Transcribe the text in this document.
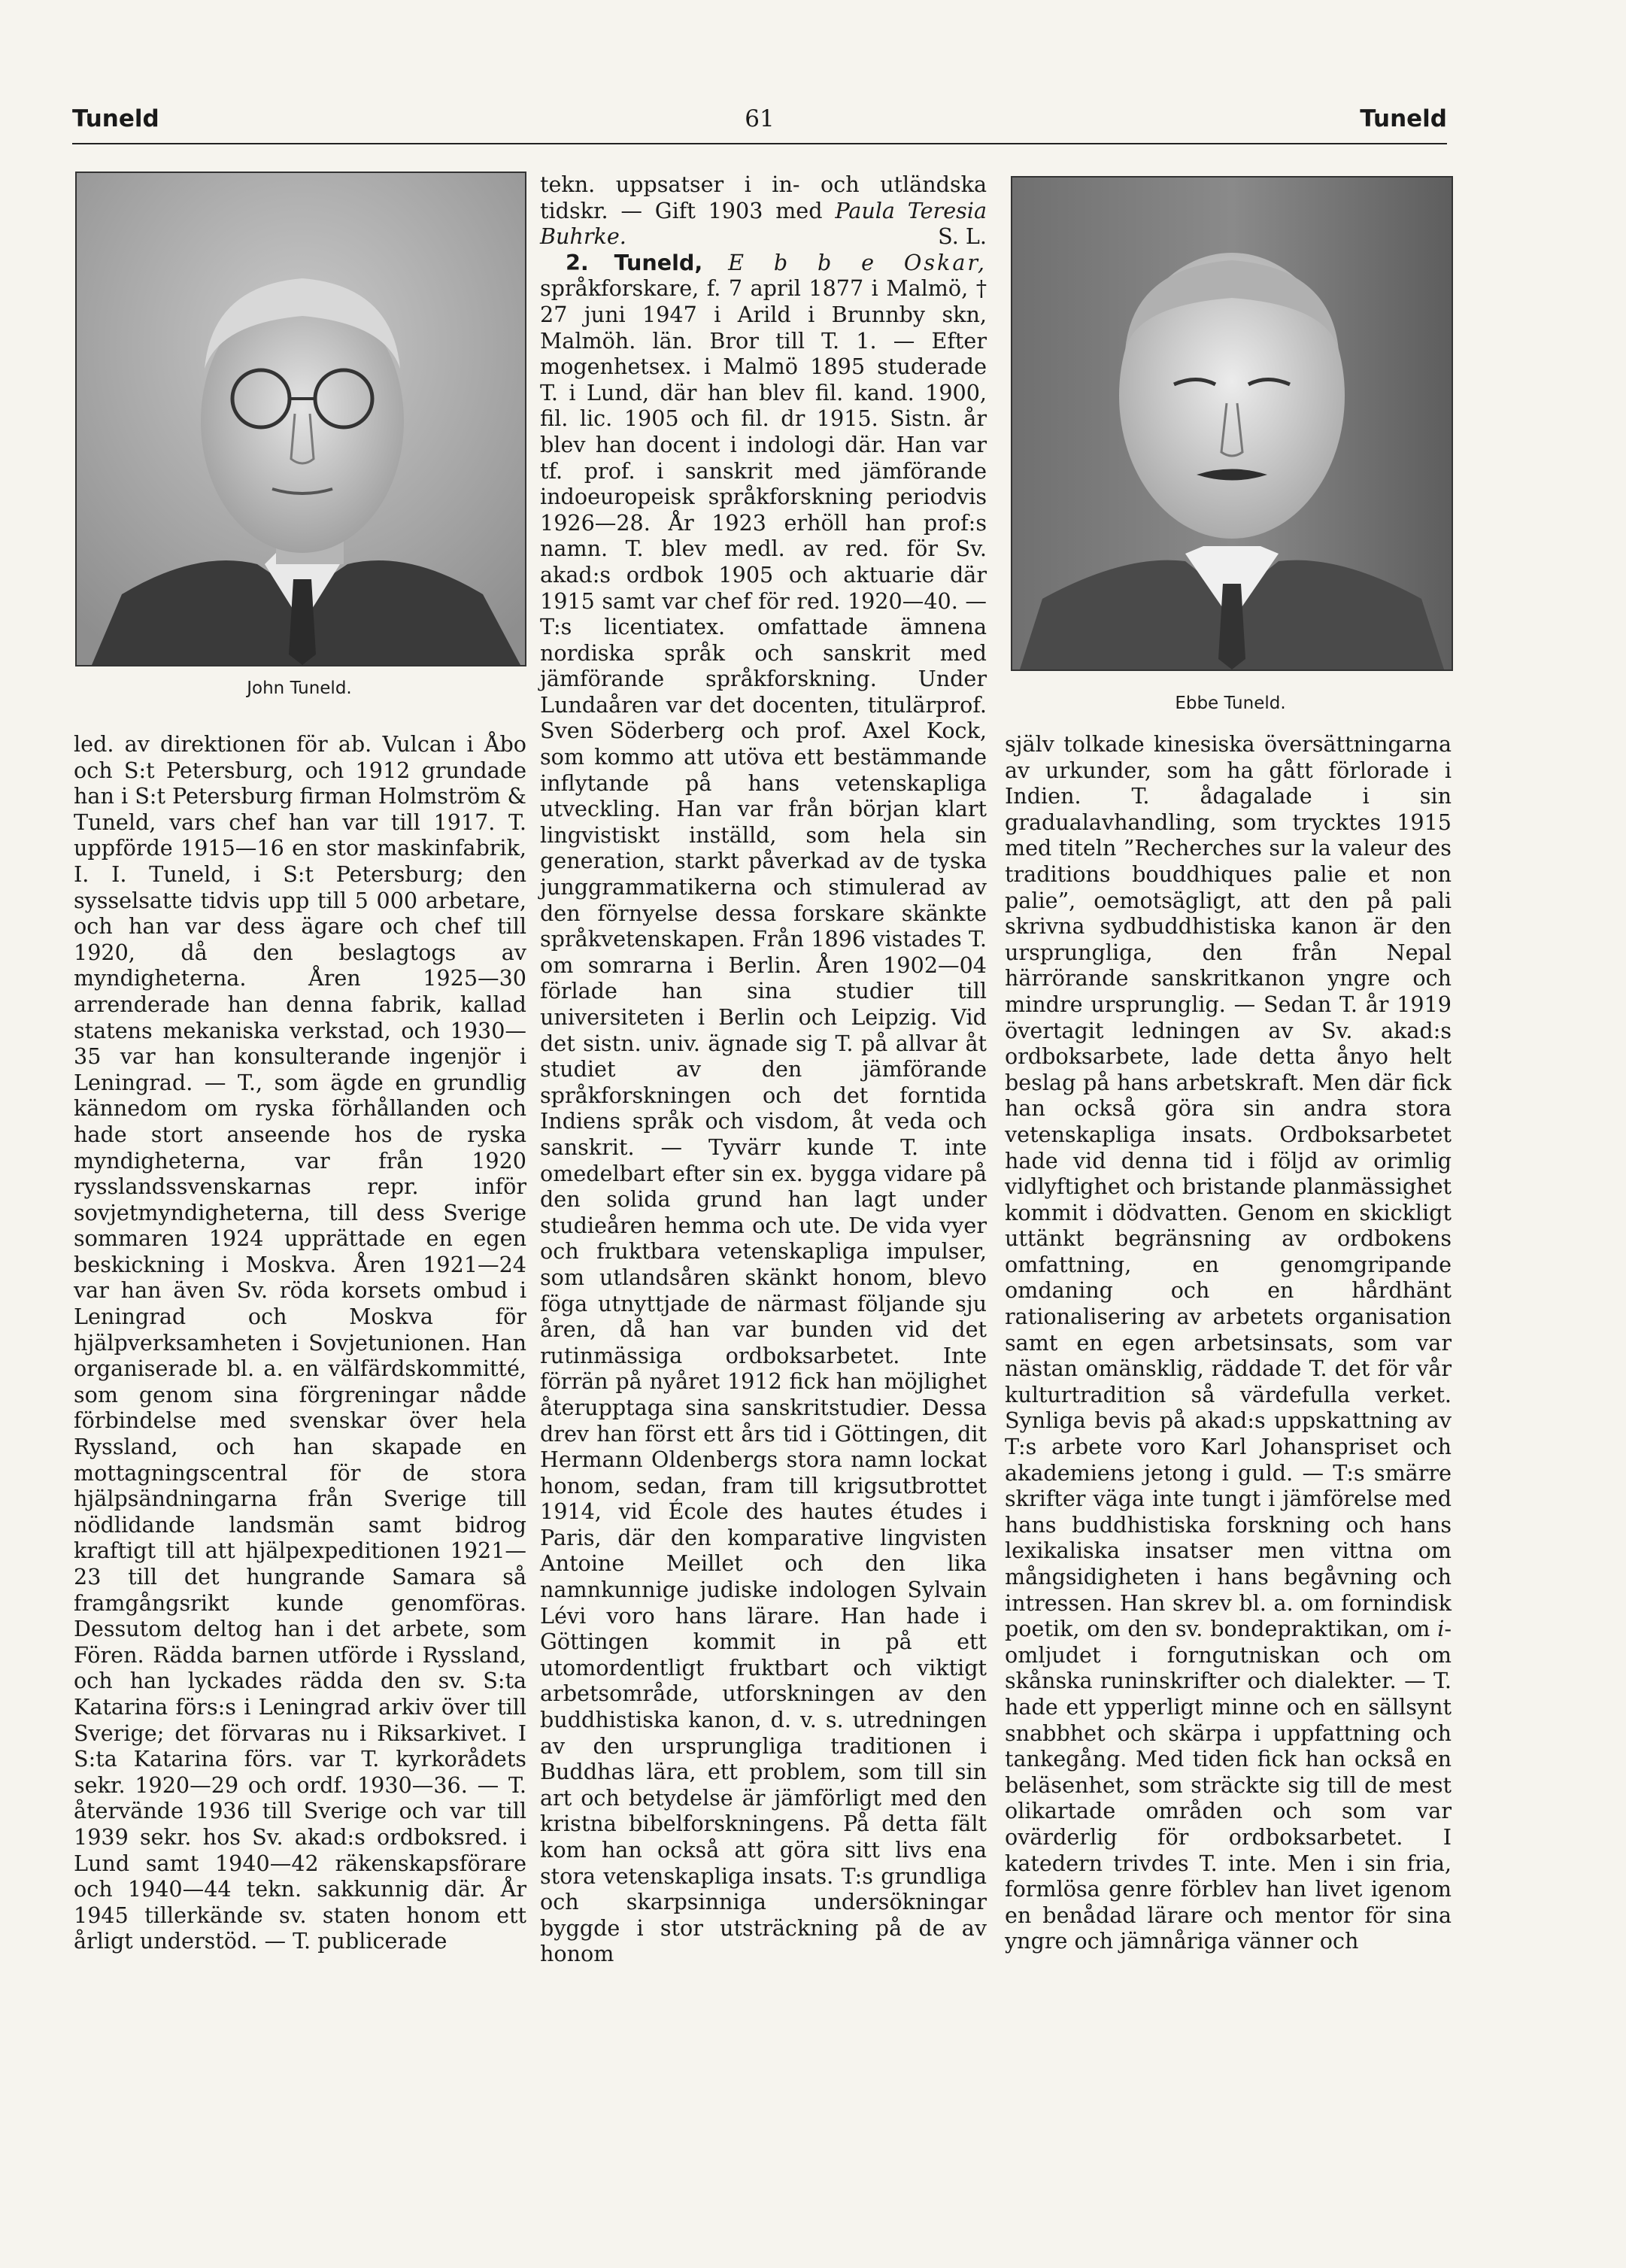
Tuneld	61	Tuneld
John Tuneld.
Ebbe Tuneld.

led. av direktionen för ab. Vulcan i Åbo och S:t Petersburg, och 1912 grundade han i S:t Petersburg firman Holmström & Tuneld, vars chef han var till 1917. T. uppförde 1915—16 en stor maskinfabrik, I. I. Tuneld, i S:t Petersburg; den sysselsatte tidvis upp till 5 000 arbetare, och han var dess ägare och chef till 1920, då den beslagtogs av myndigheterna. Åren 1925—30 arrenderade han denna fabrik, kallad statens mekaniska verkstad, och 1930—35 var han konsulterande ingenjör i Leningrad. — T., som ägde en grundlig kännedom om ryska förhållanden och hade stort anseende hos de ryska myndigheterna, var från 1920 rysslandssvenskarnas repr. inför sovjetmyndigheterna, till dess Sverige sommaren 1924 upprättade en egen beskickning i Moskva. Åren 1921—24 var han även Sv. röda korsets ombud i Leningrad och Moskva för hjälpverksamheten i Sovjetunionen. Han organiserade bl. a. en välfärdskommitté, som genom sina förgreningar nådde förbindelse med svenskar över hela Ryssland, och han skapade en mottagningscentral för de stora hjälpsändningarna från Sverige till nödlidande landsmän samt bidrog kraftigt till att hjälpexpeditionen 1921—23 till det hungrande Samara så framgångsrikt kunde genomföras. Dessutom deltog han i det arbete, som Fören. Rädda barnen utförde i Ryssland, och han lyckades rädda den sv. S:ta Katarina förs:s i Leningrad arkiv över till Sverige; det förvaras nu i Riksarkivet. I S:ta Katarina förs. var T. kyrkorådets sekr. 1920—29 och ordf. 1930—36. — T. återvände 1936 till Sverige och var till 1939 sekr. hos Sv. akad:s ordboksred. i Lund samt 1940—42 räkenskapsförare och 1940—44 tekn. sakkunnig där. År 1945 tillerkände sv. staten honom ett årligt understöd. — T. publicerade

tekn. uppsatser i in- och utländska tidskr. — Gift 1903 med Paula Teresia Buhrke.	S. L.

2. Tuneld, E b b e Oskar, språkforskare, f. 7 april 1877 i Malmö, † 27 juni 1947 i Arild i Brunnby skn, Malmöh. län. Bror till T. 1. — Efter mogenhetsex. i Malmö 1895 studerade T. i Lund, där han blev fil. kand. 1900, fil. lic. 1905 och fil. dr 1915. Sistn. år blev han docent i indologi där. Han var tf. prof. i sanskrit med jämförande indoeuropeisk språkforskning periodvis 1926—28. År 1923 erhöll han prof:s namn. T. blev medl. av red. för Sv. akad:s ordbok 1905 och aktuarie där 1915 samt var chef för red. 1920—40. — T:s licentiatex. omfattade ämnena nordiska språk och sanskrit med jämförande språkforskning. Under Lundaåren var det docenten, titulärprof. Sven Söderberg och prof. Axel Kock, som kommo att utöva ett bestämmande inflytande på hans vetenskapliga utveckling. Han var från början klart lingvistiskt inställd, som hela sin generation, starkt påverkad av de tyska junggrammatikerna och stimulerad av den förnyelse dessa forskare skänkte språkvetenskapen. Från 1896 vistades T. om somrarna i Berlin. Åren 1902—04 förlade han sina studier till universiteten i Berlin och Leipzig. Vid det sistn. univ. ägnade sig T. på allvar åt studiet av den jämförande språkforskningen och det forntida Indiens språk och visdom, åt veda och sanskrit. — Tyvärr kunde T. inte omedelbart efter sin ex. bygga vidare på den solida grund han lagt under studieåren hemma och ute. De vida vyer och fruktbara vetenskapliga impulser, som utlandsåren skänkt honom, blevo föga utnyttjade de närmast följande sju åren, då han var bunden vid det rutinmässiga ordboksarbetet. Inte förrän på nyåret 1912 fick han möjlighet återupptaga sina sanskritstudier. Dessa drev han först ett års tid i Göttingen, dit Hermann Oldenbergs stora namn lockat honom, sedan, fram till krigsutbrottet 1914, vid École des hautes études i Paris, där den komparative lingvisten Antoine Meillet och den lika namnkunnige judiske indologen Sylvain Lévi voro hans lärare. Han hade i Göttingen kommit in på ett utomordentligt fruktbart och viktigt arbetsområde, utforskningen av den buddhistiska kanon, d. v. s. utredningen av den ursprungliga traditionen i Buddhas lära, ett problem, som till sin art och betydelse är jämförligt med den kristna bibelforskningens. På detta fält kom han också att göra sitt livs ena stora vetenskapliga insats. T:s grundliga och skarpsinniga undersökningar byggde i stor utsträckning på de av honom

själv tolkade kinesiska översättningarna av urkunder, som ha gått förlorade i Indien. T. ådagalade i sin gradualavhandling, som trycktes 1915 med titeln ”Recherches sur la valeur des traditions bouddhiques palie et non palie”, oemotsägligt, att den på pali skrivna sydbuddhistiska kanon är den ursprungliga, den från Nepal härrörande sanskritkanon yngre och mindre ursprunglig. — Sedan T. år 1919 övertagit ledningen av Sv. akad:s ordboksarbete, lade detta ånyo helt beslag på hans arbetskraft. Men där fick han också göra sin andra stora vetenskapliga insats. Ordboksarbetet hade vid denna tid i följd av orimlig vidlyftighet och bristande planmässighet kommit i dödvatten. Genom en skickligt uttänkt begränsning av ordbokens omfattning, en genomgripande omdaning och en hårdhänt rationalisering av arbetets organisation samt en egen arbetsinsats, som var nästan omänsklig, räddade T. det för vår kulturtradition så värdefulla verket. Synliga bevis på akad:s uppskattning av T:s arbete voro Karl Johanspriset och akademiens jetong i guld. — T:s smärre skrifter väga inte tungt i jämförelse med hans buddhistiska forskning och hans lexikaliska insatser men vittna om mångsidigheten i hans begåvning och intressen. Han skrev bl. a. om fornindisk poetik, om den sv. bondepraktikan, om i-omljudet i forngutniskan och om skånska runinskrifter och dialekter. — T. hade ett ypperligt minne och en sällsynt snabbhet och skärpa i uppfattning och tankegång. Med tiden fick han också en beläsenhet, som sträckte sig till de mest olikartade områden och som var ovärderlig för ordboksarbetet. I katedern trivdes T. inte. Men i sin fria, formlösa genre förblev han livet igenom en benådad lärare och mentor för sina yngre och jämnåriga vänner och
